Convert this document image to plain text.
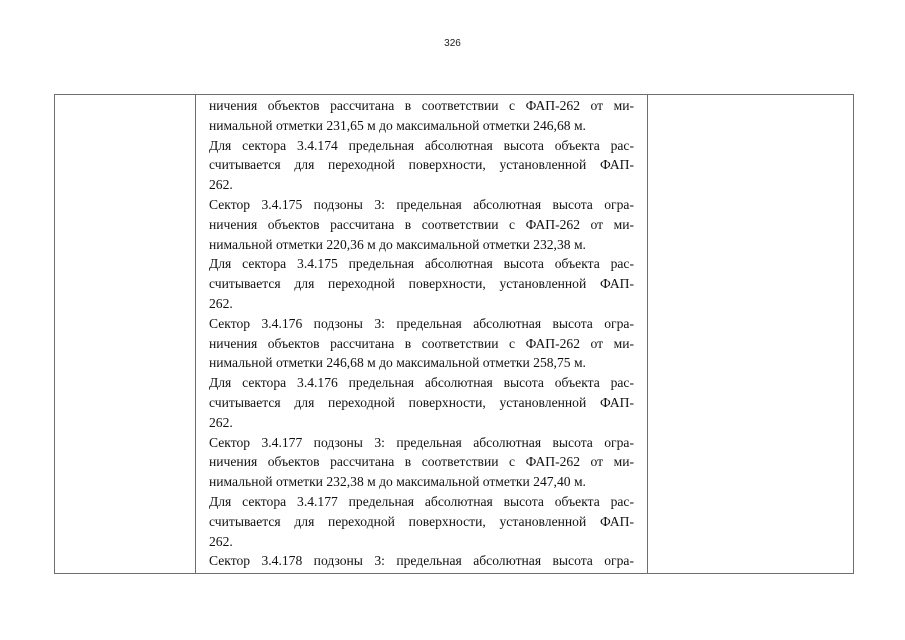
326

ничения объектов рассчитана в соответствии с ФАП-262 от ми-
нимальной отметки 231,65 м до максимальной отметки 246,68 м.
Для сектора 3.4.174 предельная абсолютная высота объекта рас-
считывается для переходной поверхности, установленной ФАП-
262.
Сектор 3.4.175 подзоны 3: предельная абсолютная высота огра-
ничения объектов рассчитана в соответствии с ФАП-262 от ми-
нимальной отметки 220,36 м до максимальной отметки 232,38 м.
Для сектора 3.4.175 предельная абсолютная высота объекта рас-
считывается для переходной поверхности, установленной ФАП-
262.
Сектор 3.4.176 подзоны 3: предельная абсолютная высота огра-
ничения объектов рассчитана в соответствии с ФАП-262 от ми-
нимальной отметки 246,68 м до максимальной отметки 258,75 м.
Для сектора 3.4.176 предельная абсолютная высота объекта рас-
считывается для переходной поверхности, установленной ФАП-
262.
Сектор 3.4.177 подзоны 3: предельная абсолютная высота огра-
ничения объектов рассчитана в соответствии с ФАП-262 от ми-
нимальной отметки 232,38 м до максимальной отметки 247,40 м.
Для сектора 3.4.177 предельная абсолютная высота объекта рас-
считывается для переходной поверхности, установленной ФАП-
262.
Сектор 3.4.178 подзоны 3: предельная абсолютная высота огра-
